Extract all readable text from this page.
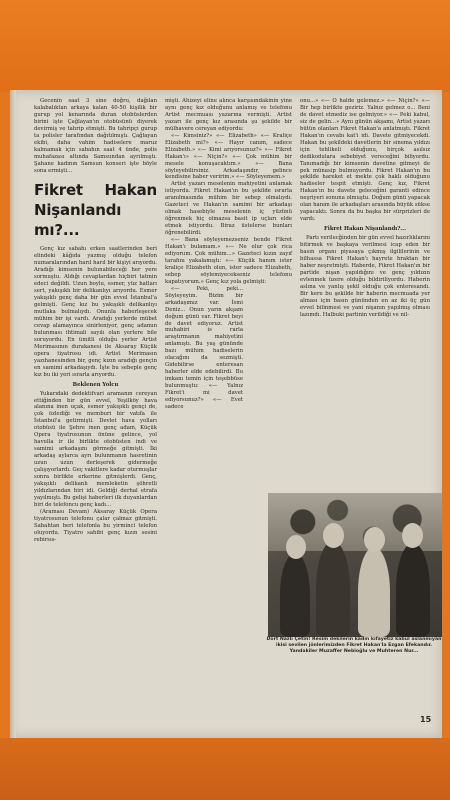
Gecenin saat 3 sine doğru, dağılan kalabalıktan arkaya kalan 40-50 kişilik bir gurup yol kenarında duran otobüslerden birini işte Çağlayan'ın otobüsünü diyerek devirmiş ve tahrip etmişti. Bu tahripçi gurup ta polisler tarafından dağıtılmıştı. Çağlayan ekibi, daha vahim hadiselere maruz kalmamak için sabahın saat 4 ünde, polis muhafazası altında Samsundan ayrılmıştı. Şahane kadının Samsun konseri işte böyle sona ermişti...

Fikret Hakan Nişanlandı mı?...

Genç kız sabahı erken saatlerinden beri elindeki kâğıda yazmış olduğu telefon numaralarından harıl harıl bir kişiyi arıyordu. Aradığı kimsenin bulunabileceği her yere sormuştu. Aldığı cevaplardan hiçbiri tatmin edeci değildi. Uzun boylu, esmer, yüz hatları sert, yakışıklı bir delikanlıyı arıyordu. Esmer yakışıklı genç daha bir gün evvel İstanbul'a gelmişti. Genç kız bu yakışıklı delikanlıyı mutlaka bulmalıydı. Onunla haberleşecek mühim bir işi vardı. Aradığı yerlerde mübet cevap alamayınca sinirleniyor, genç adamın bulunması ihtimali sayılı olan yerlere bile soruyordu. En ümitli olduğu yerler Artist Merimasının durakanesi ile Aksaray Küçük opera tiyatrosu idi. Artist Merimasın yazıhanesinden bir, genç kızın aradığı gençin en samimi arkadaşıydı. İşte bu sebeple genç kız bu iki yeri ısrarla arıyordu.

Beklenen Yolcu

Yukarıdaki dedektifvari aramanın cereyan ettiğinden bir gün evvel, Yeşilköy hava alanına inen uçak, esmer yakışıklı gençi de, çok özlediği ve memburi bir vatıfa ile İstanbul'a getirmişti. Devlet hava yolları otobüsü ile Şehre inen genç adam, Küçük Opera tiyatrosunun önüne gelince, yol havulla ir ile birlikte otobüsten indi ve samimi arkadaşını görmeğe gitmişti. İki arkadaş aylarca ayrı bulunmanın hasretinin uzun uzun derleşerek gidermeğe çalışıyorlardı. Geç vakitlere kadar oturmuşlar sonra birlikte erkerine gitmişlerdi. Genç, yakışıklı delikanlı memleketin şöhretli yıldızlarından biri idi. Geldiği derhal etrafa yayılmıştı. Bu gelişi haberleri ilk duyanlardan biri de telefoncu genç kadı...

(Araması Devam) Aksaray Küçük Opera tiyatrosunun telefonu çalar çalmaz gitmişti. Sabahtan beri telefonla bu yirminci telefon oluyordu. Tiyatro sahibi genç kızın sesini rebirsıs-

mişti. Ahizeyi eline alınca karşısındakinin yine aynı genç kız olduğunu anlamış ve telefonu Artist mecmuası yazarına vermişti. Artist yazarı ile genç kız arasında şu şekilde bir mülhavere cereyan ediyordu:

«— Kimsiniz?» «— Elizabeth» «— Kraliçe Elizabeth mi?» «— Hayır canım, sadece Elizabeth.» «— Kimi arıyorsunuz?» «— Fikret Hakan'ı» «— Niçin?» «— Çok mühim bir mesele konuşacaktım.» «— Bana söyleyebilirsiniz. Arkadaşındır, gelince kendisine haber veririm.» «— Söyleyemem.»

Artist yazarı meselenin mahiyetini anlamak istiyordu. Fikret Hakan'ın bu şekilde ısrarla aranılmasında mühim bir sebep olmalıydı. Gazeteci ve Hakan'ın samimi bir arkadaşı olmak hasebiyle meselenin iç yüzünü öğrenmek hiç olmazsa basit ip uçları elde etmek istiyordu. Biraz üstelerse bunları öğrenebilirdi.

«— Bana söyleyemezseniz bende Fikret Hakan'ı bulamam.» «— Ne olur çok rica ediyorum. Çok mühim...» Gazeteci kızın zayıf tarafını yakalamıştı: «— Küçük hanım ister kraliçe Elizabeth olun, ister sadece Elizabeth, sebep söylemiyecekseniz telefonu kapatıyorum.» Genç kız yola gelmişti:

«— Peki, peki... Söyleyeyim. Bizim bir arkadaşımız var. İsmi Deniz... Onun yarın akşam doğum günü var. Fikret beyi de davet ediyoruz. Artist muhabiri is rarla araştırmanın mahiyetini anlamıştı. Bu yaş gününde bazı mühim hadiselerin olacağını da sezmişti. Gidebilirse enteresan haberler elde edebilirdi. Bu imkanı temin için teşebbüse bulunmuştu: «— Yalnız Fikret'i mi davet ediyorsunuz?» «— Evet sadece

onu...» «— O halde gelemez.» «— Niçin?» «— Bir hep birlikte geziriz. Yalnız gelmez o... Beni de davet etmediz ise gelmiyor.» «— Peki kabul, siz de gelin...» Aynı günün akşamı, Artist yazarı bütün olanları Fikret Hakan'a anlatmıştı. Fikret Hakan'ın cevabı kat'i idi. Davete gitmiyecekdi. Hakan bu şekildeki davetlerin bir sinema yıldızı için tehlikeli olduğunu, birçok asılsız dedikodulara sebebiyet vereceğini biliyordu. Tanımadığı bir kimsenin davetine gitmeyi de pek münasip bulmuyordu. Fikret Hakan'ın bu şekilde hareket et mekte çok haklı olduğunu hadiseler tespit etmişti. Genç kız, Fikret Hakan'ın bu davete geleceğini garanti edince neşriyeri sonuna olmuştu. Doğum günü yapacak olan hanım ile arkadaşları arasında büyük sükse yapacaktı. Sonra da bu başka bir sürprizleri de vardı.

Fikret Hakan Nişanlandı?...

Partı verilecğinden bir gün evvel hazırlıklarını bitirmek ve başkaya verilmesi icap eden bir basın organı piyasaya çıkmış ilgililerinin ve bilhassa Fikret Hakan'ı hayrete braktan bir haber neşretmişti. Haberde, Fikret Hakan'ın bir partide nişan yapıldığını ve genç yıldızın evlenmek üzere olduğu bildiriliyordu. Haberin aslına ve yanlış şekil olduğu çok enteresandı. Bir kere bu şekilde bir haberin mecmuada yer alması için basın gününden en az iki üç gün evvel bilinmesi ve yani nişanın yapılmış olması lazımdı. Halbuki partinin verildiği ve nil-

Dört Nazlı Çetin! Resim dekilerin kadın kıfayetiz kabul aslanmıyan ikisi sevilen jönlerimizden Fikret Hakan'la Ezgan Efekandır. Yandakiler Muzaffer Nebioğlu ve Muhteren Nur...
15
